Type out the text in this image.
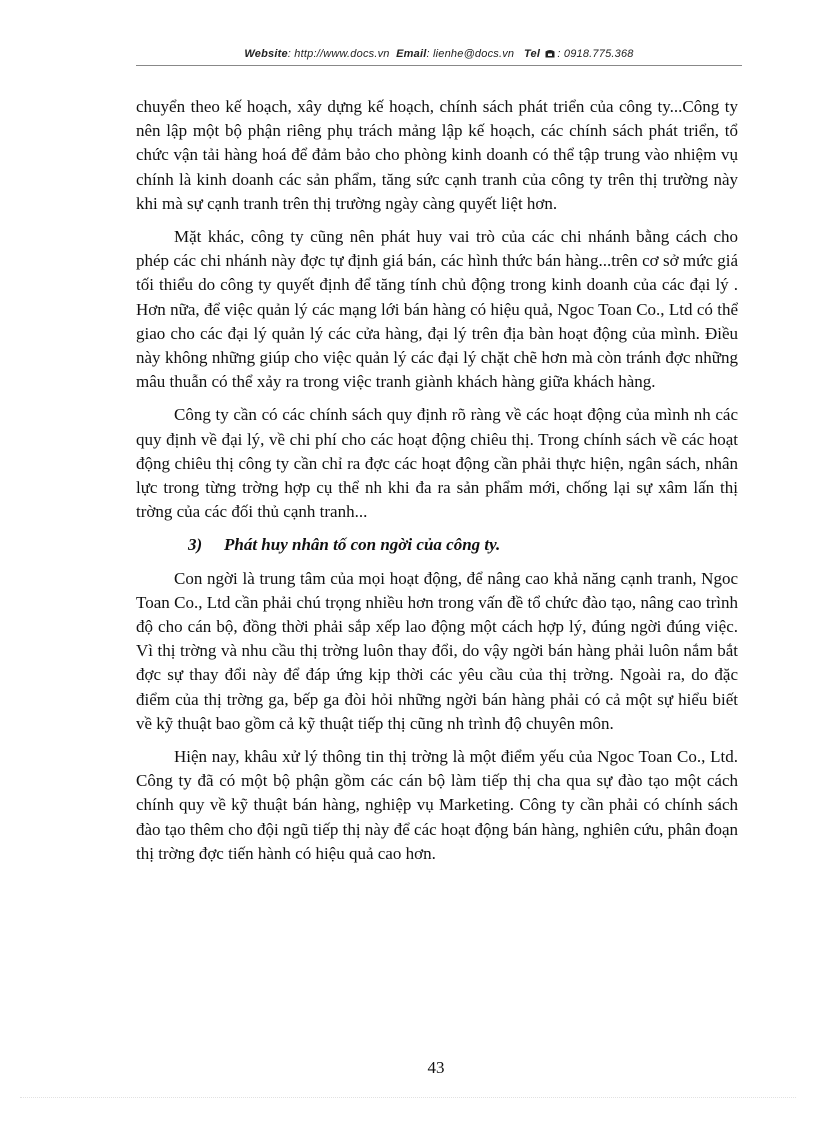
Website: http://www.docs.vn Email: lienhe@docs.vn Tel : 0918.775.368

chuyển theo kế hoạch, xây dựng kế hoạch, chính sách phát triển của công ty...Công ty nên lập một bộ phận riêng phụ trách mảng lập kế hoạch, các chính sách phát triển, tổ chức vận tải hàng hoá để đảm bảo cho phòng kinh doanh có thể tập trung vào nhiệm vụ chính là kinh doanh các sản phẩm, tăng sức cạnh tranh của công ty trên thị trường này khi mà sự cạnh tranh trên thị trường ngày càng quyết liệt hơn.

Mặt khác, công ty cũng nên phát huy vai trò của các chi nhánh bằng cách cho phép các chi nhánh này đợc tự định giá bán, các hình thức bán hàng...trên cơ sở mức giá tối thiểu do công ty quyết định để tăng tính chủ động trong kinh doanh của các đại lý . Hơn nữa, để việc quản lý các mạng lới bán hàng có hiệu quả, Ngoc Toan Co., Ltd có thể giao cho các đại lý quản lý các cửa hàng, đại lý trên địa bàn hoạt động của mình. Điều này không những giúp cho việc quản lý các đại lý chặt chẽ hơn mà còn tránh đợc những mâu thuẫn có thể xảy ra trong việc tranh giành khách hàng giữa khách hàng.

Công ty cần có các chính sách quy định rõ ràng về các hoạt động của mình nh các quy định về đại lý, về chi phí cho các hoạt động chiêu thị. Trong chính sách về các hoạt động chiêu thị công ty cần chỉ ra đợc các hoạt động cần phải thực hiện, ngân sách, nhân lực trong từng trờng hợp cụ thể nh khi đa ra sản phẩm mới, chống lại sự xâm lấn thị trờng của các đối thủ cạnh tranh...

3) Phát huy nhân tố con ngời của công ty.

Con ngời là trung tâm của mọi hoạt động, để nâng cao khả năng cạnh tranh, Ngoc Toan Co., Ltd cần phải chú trọng nhiều hơn trong vấn đề tổ chức đào tạo, nâng cao trình độ cho cán bộ, đồng thời phải sắp xếp lao động một cách hợp lý, đúng ngời đúng việc. Vì thị trờng và nhu cầu thị trờng luôn thay đổi, do vậy ngời bán hàng phải luôn nắm bắt đợc sự thay đổi này để đáp ứng kịp thời các yêu cầu của thị trờng. Ngoài ra, do đặc điểm của thị trờng ga, bếp ga đòi hỏi những ngời bán hàng phải có cả một sự hiểu biết về kỹ thuật bao gồm cả kỹ thuật tiếp thị cũng nh trình độ chuyên môn.

Hiện nay, khâu xử lý thông tin thị trờng là một điểm yếu của Ngoc Toan Co., Ltd. Công ty đã có một bộ phận gồm các cán bộ làm tiếp thị cha qua sự đào tạo một cách chính quy về kỹ thuật bán hàng, nghiệp vụ Marketing. Công ty cần phải có chính sách đào tạo thêm cho đội ngũ tiếp thị này để các hoạt động bán hàng, nghiên cứu, phân đoạn thị trờng đợc tiến hành có hiệu quả cao hơn.

43
